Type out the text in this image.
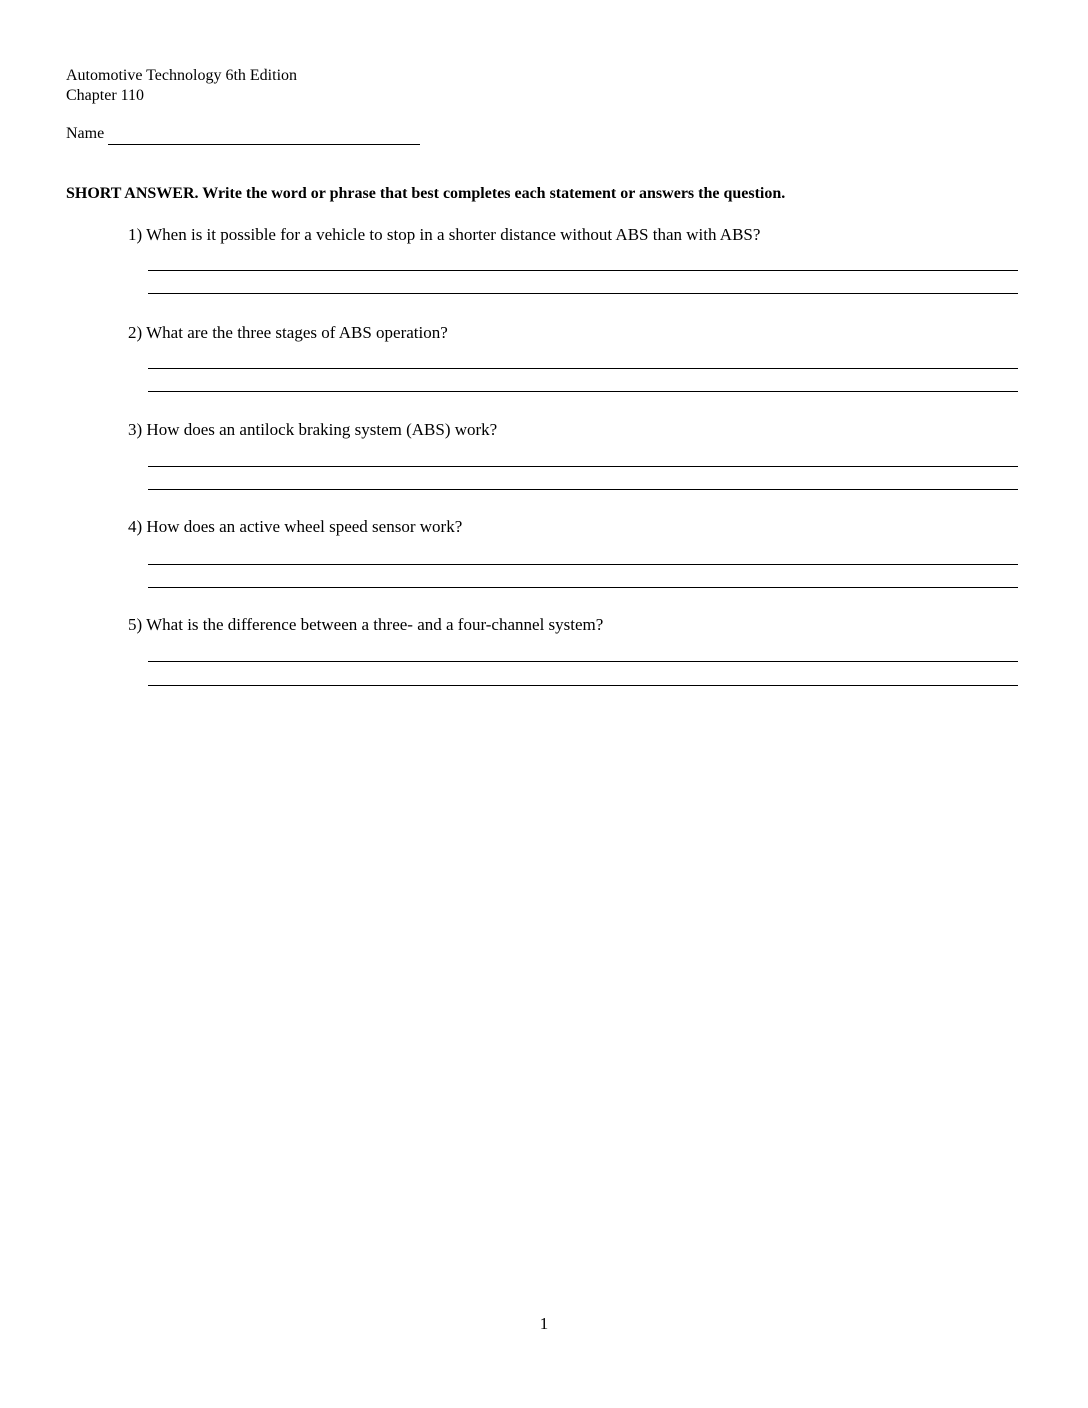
Automotive Technology 6th Edition
Chapter 110
Name
SHORT ANSWER. Write the word or phrase that best completes each statement or answers the question.
1) When is it possible for a vehicle to stop in a shorter distance without ABS than with ABS?
2) What are the three stages of ABS operation?
3) How does an antilock braking system (ABS) work?
4) How does an active wheel speed sensor work?
5) What is the difference between a three- and a four-channel system?
1
